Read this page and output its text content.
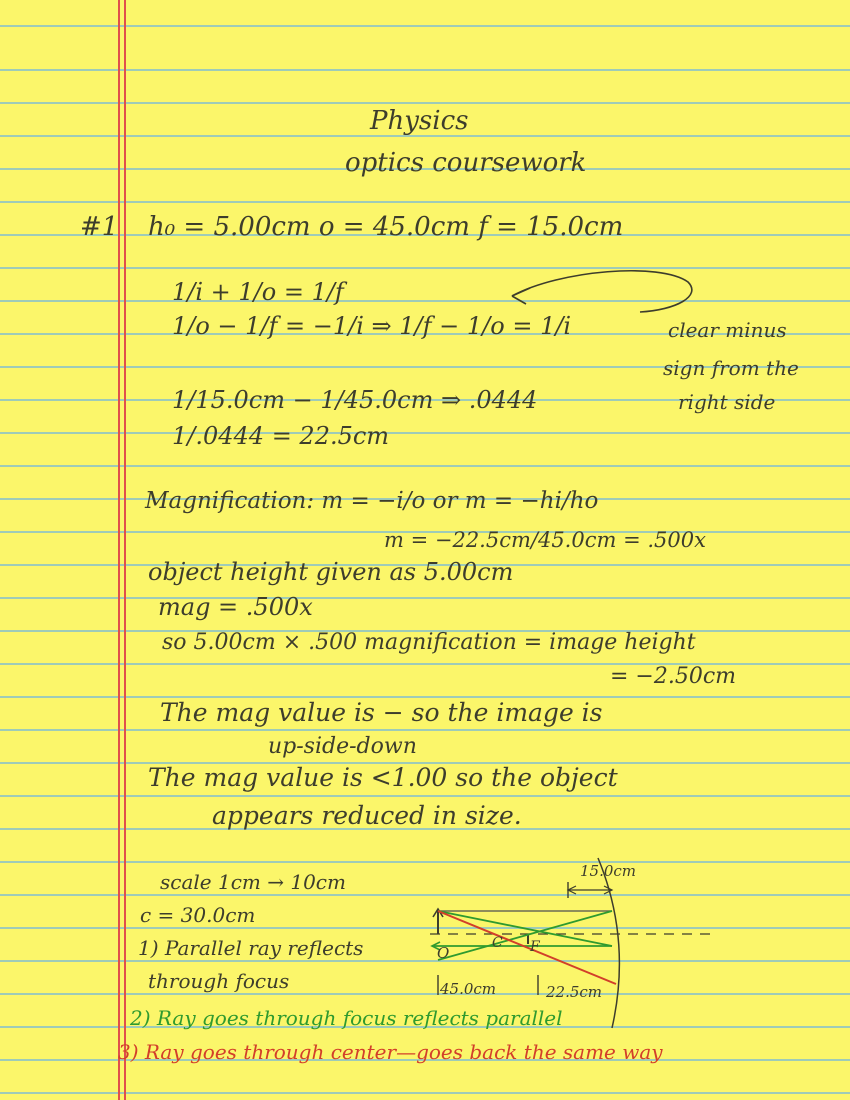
Physics
optics coursework
#1 h₀ = 5.00cm o = 45.0cm f = 15.0cm
1/i + 1/o = 1/f
1/o − 1/f = −1/i ⇒ 1/f − 1/o = 1/i	clear minus
sign from the
right side
1/15.0cm − 1/45.0cm ⇒ .0444
1/.0444 = 22.5cm
Magnification: m = −i/o or m = −hi/ho
m = −22.5cm/45.0cm = .500x
object height given as 5.00cm
mag = .500x
so 5.00cm × .500 magnification = image height
= −2.50cm
The mag value is − so the image is
up-side-down
The mag value is <1.00 so the object
appears reduced in size.
scale 1cm → 10cm
c = 30.0cm
1) Parallel ray reflects
through focus
2) Ray goes through focus reflects parallel
3) Ray goes through center—goes back the same way
15.0cm
O
C F
45.0cm	22.5cm
